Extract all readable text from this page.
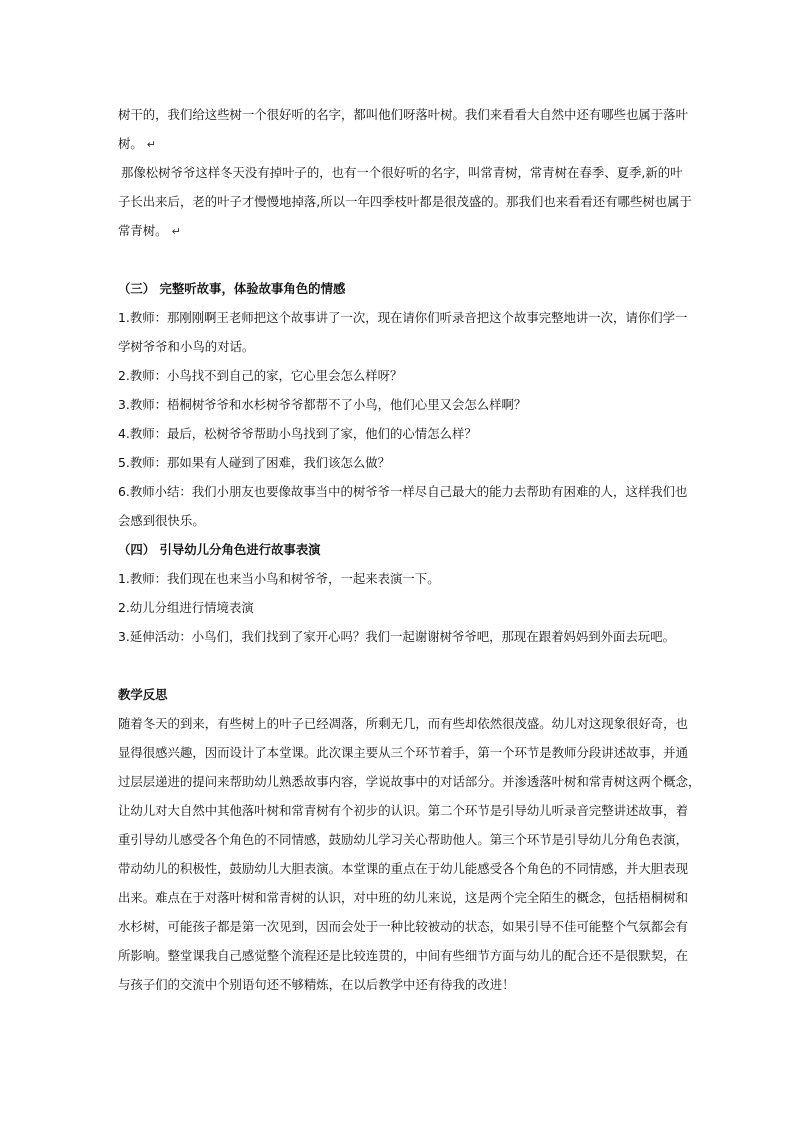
树干的，我们给这些树一个很好听的名字，都叫他们呀落叶树。我们来看看大自然中还有哪些也属于落叶

树。 ↵

那像松树爷爷这样冬天没有掉叶子的，也有一个很好听的名字，叫常青树，常青树在春季、夏季,新的叶

子长出来后，老的叶子才慢慢地掉落,所以一年四季枝叶都是很茂盛的。那我们也来看看还有哪些树也属于

常青树。 ↵

（三） 完整听故事，体验故事角色的情感

1.教师：那刚刚啊王老师把这个故事讲了一次，现在请你们听录音把这个故事完整地讲一次，请你们学一

学树爷爷和小鸟的对话。

2.教师：小鸟找不到自己的家，它心里会怎么样呀？

3.教师：梧桐树爷爷和水杉树爷爷都帮不了小鸟，他们心里又会怎么样啊？

4.教师：最后，松树爷爷帮助小鸟找到了家，他们的心情怎么样？

5.教师：那如果有人碰到了困难，我们该怎么做？

6.教师小结：我们小朋友也要像故事当中的树爷爷一样尽自己最大的能力去帮助有困难的人，这样我们也

会感到很快乐。

（四） 引导幼儿分角色进行故事表演

1.教师：我们现在也来当小鸟和树爷爷，一起来表演一下。

2.幼儿分组进行情境表演

3.延伸活动：小鸟们，我们找到了家开心吗？我们一起谢谢树爷爷吧，那现在跟着妈妈到外面去玩吧。

教学反思

随着冬天的到来，有些树上的叶子已经凋落，所剩无几，而有些却依然很茂盛。幼儿对这现象很好奇，也

显得很感兴趣，因而设计了本堂课。此次课主要从三个环节着手，第一个环节是教师分段讲述故事，并通

过层层递进的提问来帮助幼儿熟悉故事内容，学说故事中的对话部分。并渗透落叶树和常青树这两个概念，

让幼儿对大自然中其他落叶树和常青树有个初步的认识。第二个环节是引导幼儿听录音完整讲述故事，着

重引导幼儿感受各个角色的不同情感，鼓励幼儿学习关心帮助他人。第三个环节是引导幼儿分角色表演，

带动幼儿的积极性，鼓励幼儿大胆表演。本堂课的重点在于幼儿能感受各个角色的不同情感，并大胆表现

出来。难点在于对落叶树和常青树的认识，对中班的幼儿来说，这是两个完全陌生的概念，包括梧桐树和

水杉树，可能孩子都是第一次见到，因而会处于一种比较被动的状态，如果引导不佳可能整个气氛都会有

所影响。整堂课我自己感觉整个流程还是比较连贯的，中间有些细节方面与幼儿的配合还不是很默契，在

与孩子们的交流中个别语句还不够精炼，在以后教学中还有待我的改进！
